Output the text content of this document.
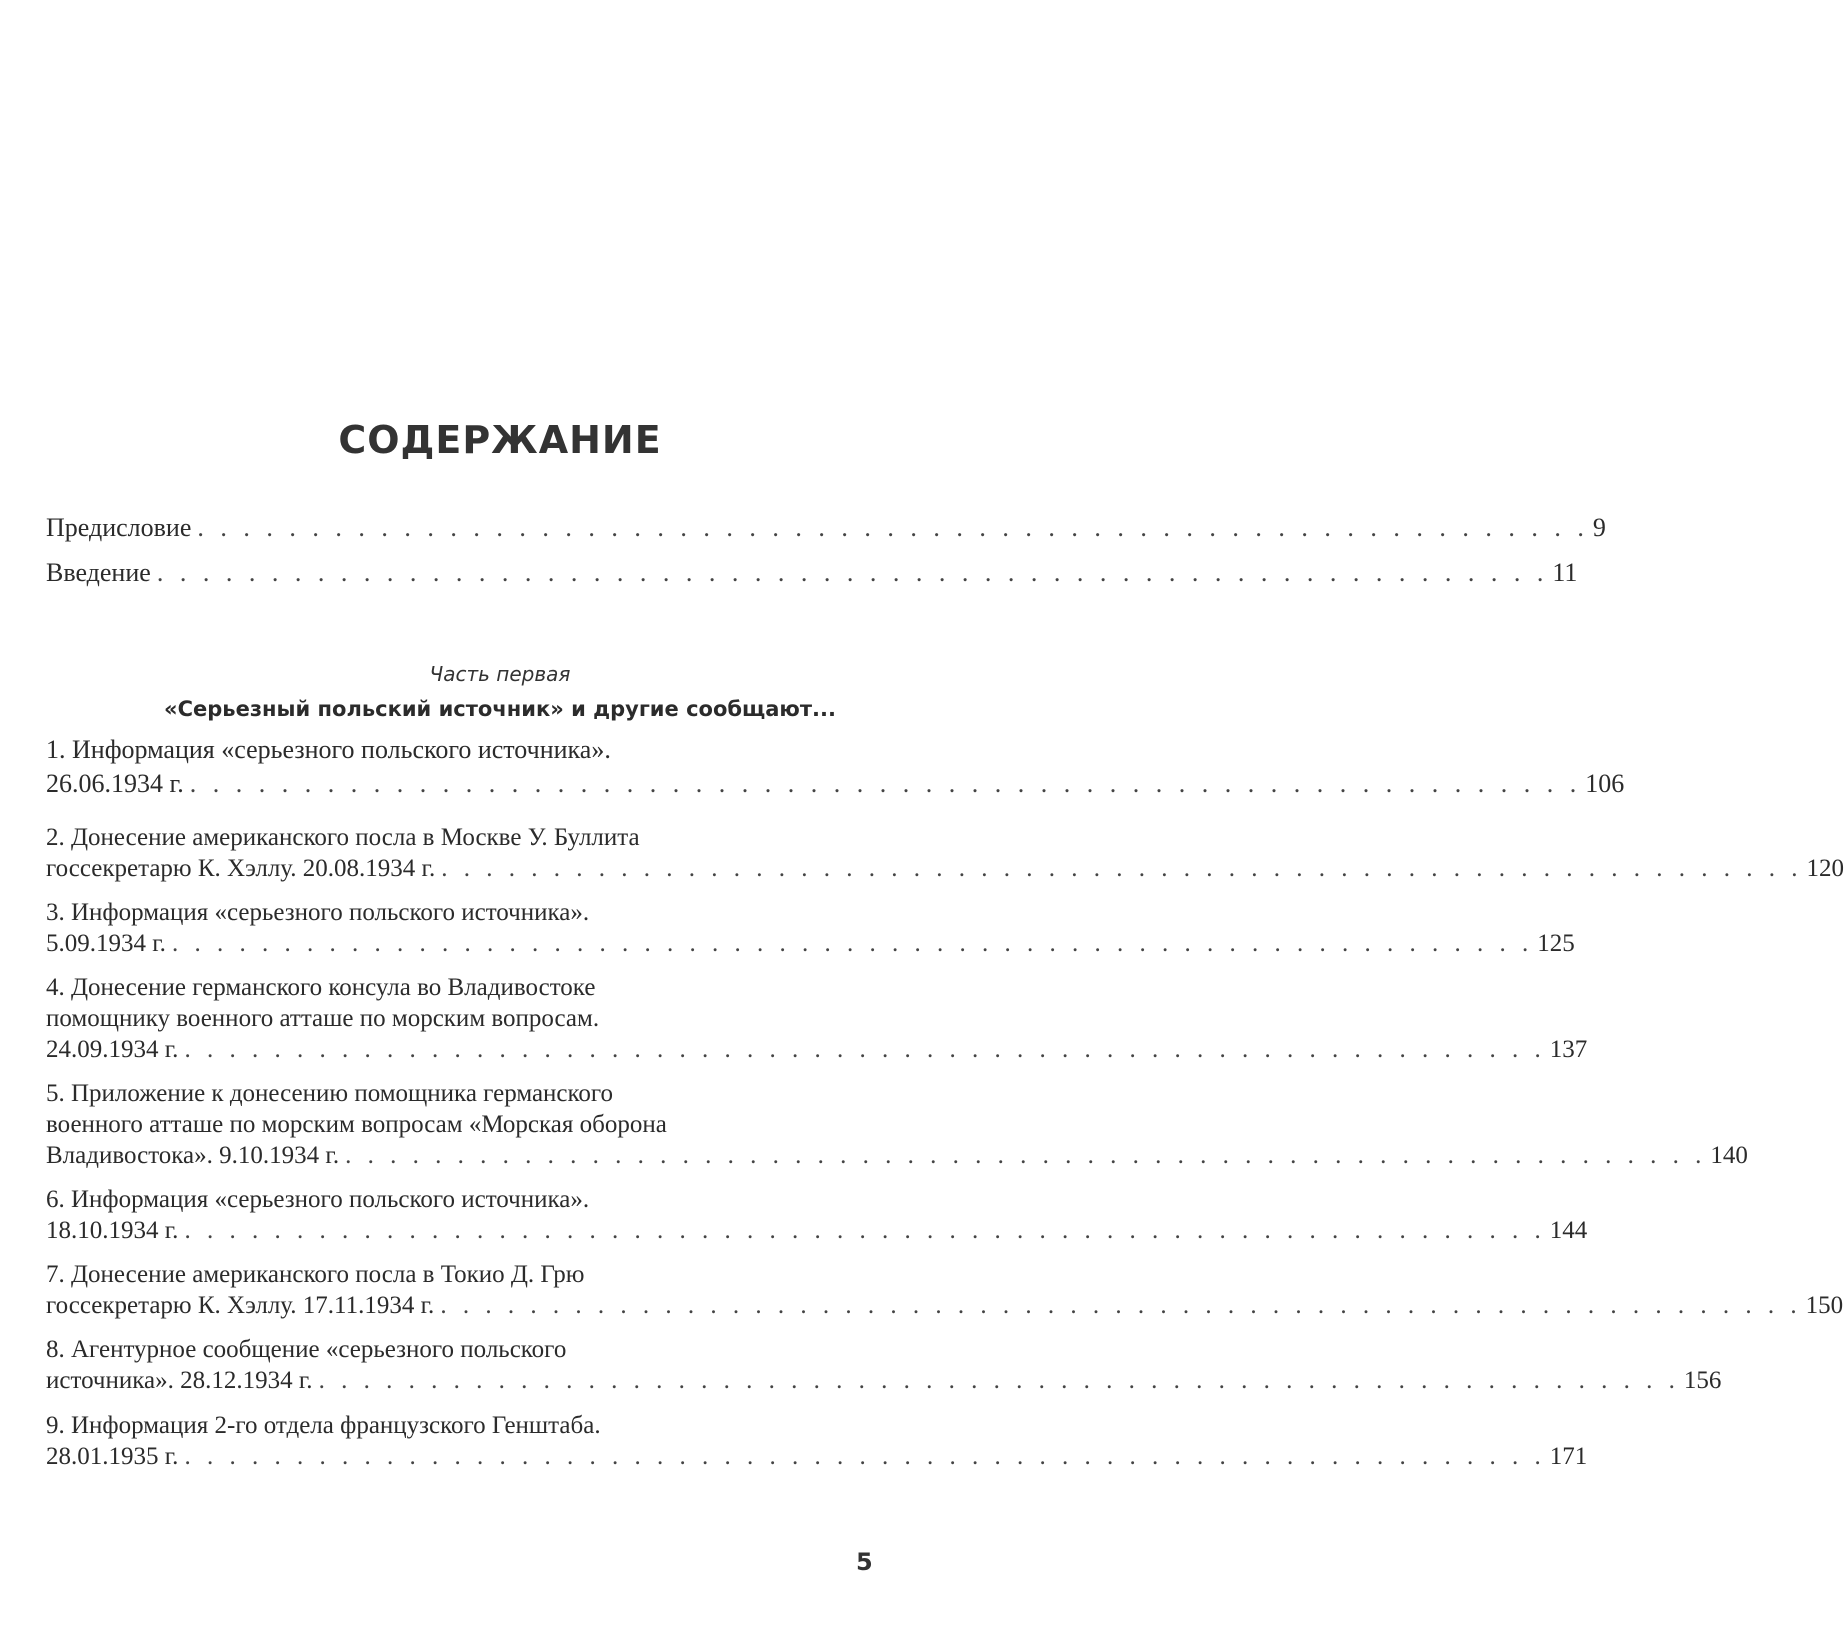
СОДЕРЖАНИЕ
Предисловие . . . . . . . . . . . . . . . . . . . . . . . . . . . . . . . . . . . . . . . . . . . . . . . . . . . . . . . . . . . . . 9
Введение . . . . . . . . . . . . . . . . . . . . . . . . . . . . . . . . . . . . . . . . . . . . . . . . . . . . . . . . . . . . . 11
Часть первая
«Серьезный польский источник» и другие сообщают...
1. Информация «серьезного польского источника».
26.06.1934 г. . . . . . . . . . . . . . . . . . . . . . . . . . . . . . . . . . . . . . . . . . . . . . . . . . . . . . . . . . . . . . 106
2. Донесение американского посла в Москве У. Буллита
госсекретарю К. Хэллу. 20.08.1934 г. . . . . . . . . . . . . . . . . . . . . . . . . . . . . . . . . . . . . . . . . . . . . . . . . . . . . . . . . . . . . . 120
3. Информация «серьезного польского источника».
5.09.1934 г. . . . . . . . . . . . . . . . . . . . . . . . . . . . . . . . . . . . . . . . . . . . . . . . . . . . . . . . . . . . . . 125
4. Донесение германского консула во Владивостоке
помощнику военного атташе по морским вопросам.
24.09.1934 г. . . . . . . . . . . . . . . . . . . . . . . . . . . . . . . . . . . . . . . . . . . . . . . . . . . . . . . . . . . . . . 137
5. Приложение к донесению помощника германского
военного атташе по морским вопросам «Морская оборона
Владивостока». 9.10.1934 г. . . . . . . . . . . . . . . . . . . . . . . . . . . . . . . . . . . . . . . . . . . . . . . . . . . . . . . . . . . . . . 140
6. Информация «серьезного польского источника».
18.10.1934 г. . . . . . . . . . . . . . . . . . . . . . . . . . . . . . . . . . . . . . . . . . . . . . . . . . . . . . . . . . . . . . 144
7. Донесение американского посла в Токио Д. Грю
госсекретарю К. Хэллу. 17.11.1934 г. . . . . . . . . . . . . . . . . . . . . . . . . . . . . . . . . . . . . . . . . . . . . . . . . . . . . . . . . . . . . . 150
8. Агентурное сообщение «серьезного польского
источника». 28.12.1934 г. . . . . . . . . . . . . . . . . . . . . . . . . . . . . . . . . . . . . . . . . . . . . . . . . . . . . . . . . . . . . . 156
9. Информация 2-го отдела французского Генштаба.
28.01.1935 г. . . . . . . . . . . . . . . . . . . . . . . . . . . . . . . . . . . . . . . . . . . . . . . . . . . . . . . . . . . . . . 171
5
